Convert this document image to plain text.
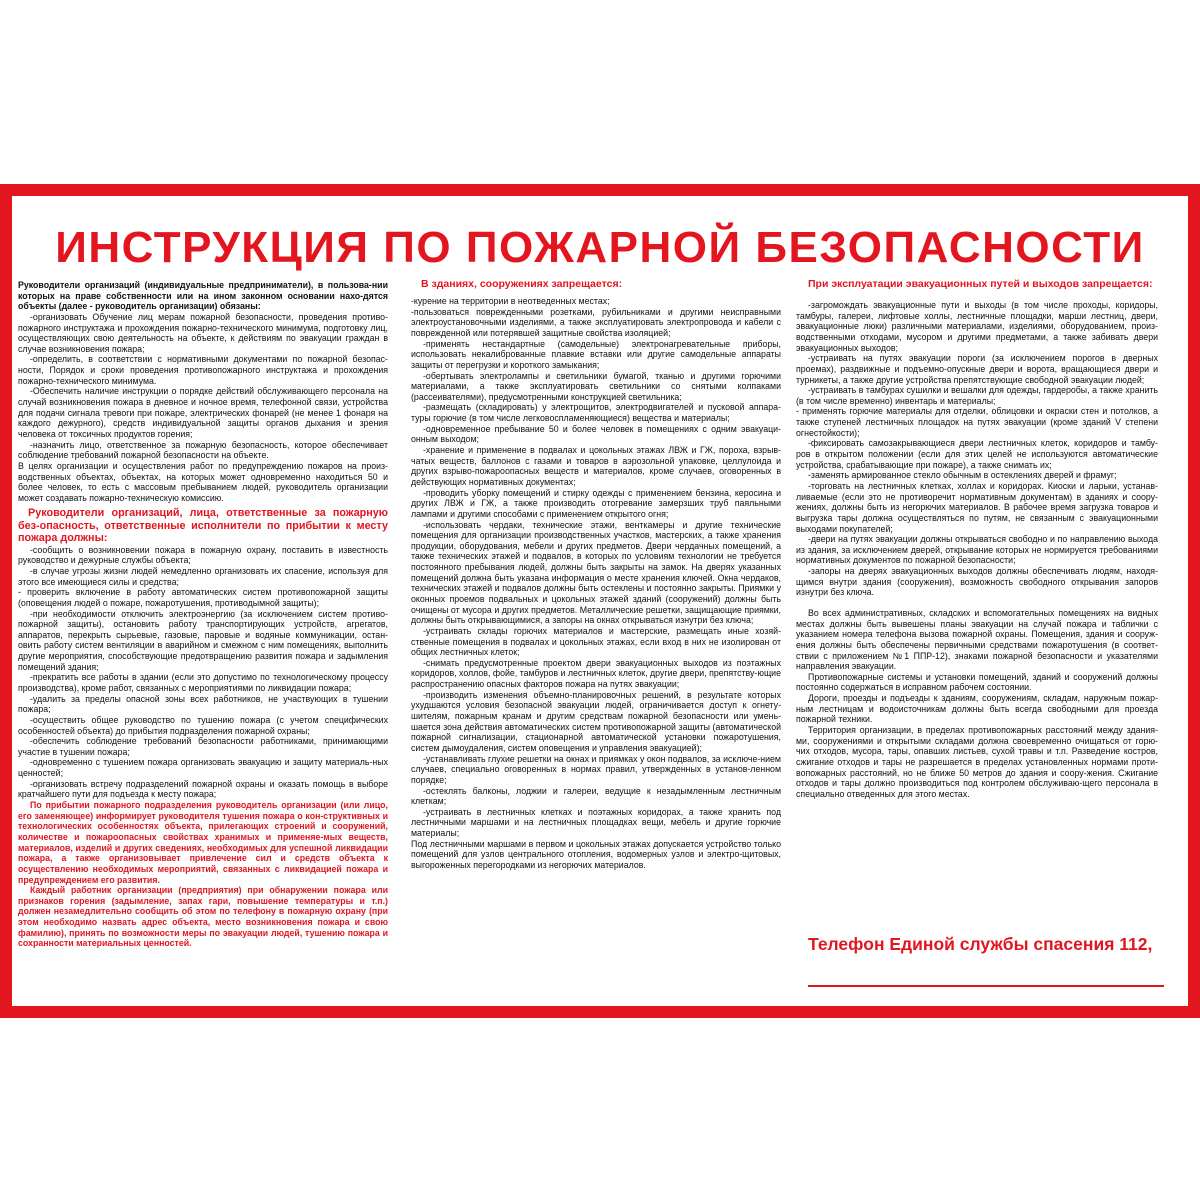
ИНСТРУКЦИЯ ПО ПОЖАРНОЙ БЕЗОПАСНОСТИ

Руководители организаций (индивидуальные предприниматели), в пользова-нии которых на праве собственности или на ином законном основании нахо-дятся объекты (далее - руководитель организации) обязаны:

-организовать Обучение лиц мерам пожарной безопасности, проведения противо-пожарного инструктажа и прохождения пожарно-технического минимума, подготовку лиц, осуществляющих свою деятельность на объекте, к действиям по эвакуации граждан в случае возникновения пожара;

-определить, в соответствии с нормативными документами по пожарной безопас-ности, Порядок и сроки проведения противопожарного инструктажа и прохождения пожарно-технического минимума.

-Обеспечить наличие инструкции о порядке действий обслуживающего персонала на случай возникновения пожара в дневное и ночное время, телефонной связи, устройства для подачи сигнала тревоги при пожаре, электрических фонарей (не менее 1 фонаря на каждого дежурного), средств индивидуальной защиты органов дыхания и зрения человека от токсичных продуктов горения;

-назначить лицо, ответственное за пожарную безопасность, которое обеспечивает соблюдение требований пожарной безопасности на объекте.

В целях организации и осуществления работ по предупреждению пожаров на произ-водственных объектах, объектах, на которых может одновременно находиться 50 и более человек, то есть с массовым пребыванием людей, руководитель организации может создавать пожарно-техническую комиссию.

Руководители организаций, лица, ответственные за пожарную без-опасность, ответственные исполнители по прибытии к месту пожара должны:

-сообщить о возникновении пожара в пожарную охрану, поставить в известность руководство и дежурные службы объекта;

-в случае угрозы жизни людей немедленно организовать их спасение, используя для этого все имеющиеся силы и средства;

- проверить включение в работу автоматических систем противопожарной защиты (оповещения людей о пожаре, пожаротушения, противодымной защиты);

-при необходимости отключить электроэнергию (за исключением систем противо-пожарной защиты), остановить работу транспортирующих устройств, агрегатов, аппаратов, перекрыть сырьевые, газовые, паровые и водяные коммуникации, остан-овить работу систем вентиляции в аварийном и смежном с ним помещениях, выполнить другие мероприятия, способствующие предотвращению развития пожара и задымления помещений здания;

-прекратить все работы в здании (если это допустимо по технологическому процессу производства), кроме работ, связанных с мероприятиями по ликвидации пожара;

-удалить за пределы опасной зоны всех работников, не участвующих в тушении пожара;

-осуществить общее руководство по тушению пожара (с учетом специфических особенностей объекта) до прибытия подразделения пожарной охраны;

-обеспечить соблюдение требований безопасности работниками, принимающими участие в тушении пожара;

-одновременно с тушением пожара организовать эвакуацию и защиту материаль-ных ценностей;

-организовать встречу подразделений пожарной охраны и оказать помощь в выборе кратчайшего пути для подъезда к месту пожара;

По прибытии пожарного подразделения руководитель организации (или лицо, его заменяющее) информирует руководителя тушения пожара о кон-структивных и технологических особенностях объекта, прилегающих строений и сооружений, количестве и пожароопасных свойствах хранимых и применяе-мых веществ, материалов, изделий и других сведениях, необходимых для успешной ликвидации пожара, а также организовывает привлечение сил и средств объекта к осуществлению необходимых мероприятий, связанных с ликвидацией пожара и предупреждением его развития.

Каждый работник организации (предприятия) при обнаружении пожара или признаков горения (задымление, запах гари, повышение температуры и т.п.) должен незамедлительно сообщить об этом по телефону в пожарную охрану (при этом необходимо назвать адрес объекта, место возникновения пожара и свою фамилию), принять по возможности меры по эвакуации людей, тушению пожара и сохранности материальных ценностей.

В зданиях, сооружениях запрещается:

-курение на территории в неотведенных местах;

-пользоваться поврежденными розетками, рубильниками и другими неисправными электроустановочными изделиями, а также эксплуатировать электропровода и кабели с поврежденной или потерявшей защитные свойства изоляцией;

-применять нестандартные (самодельные) электронагревательные приборы, использовать некалиброванные плавкие вставки или другие самодельные аппараты защиты от перегрузки и короткого замыкания;

-обертывать электролампы и светильники бумагой, тканью и другими горючими материалами, а также эксплуатировать светильники со снятыми колпаками (рассеивателями), предусмотренными конструкцией светильника;

-размещать (складировать) у электрощитов, электродвигателей и пусковой аппара-туры горючие (в том числе легковоспламеняющиеся) вещества и материалы;

-одновременное пребывание 50 и более человек в помещениях с одним эвакуаци-онным выходом;

-хранение и применение в подвалах и цокольных этажах ЛВЖ и ГЖ, пороха, взрыв-чатых веществ, баллонов с газами и товаров в аэрозольной упаковке, целлулоида и других взрыво-пожароопасных веществ и материалов, кроме случаев, оговоренных в действующих нормативных документах;

-проводить уборку помещений и стирку одежды с применением бензина, керосина и других ЛВЖ и ГЖ, а также производить отогревание замерзших труб паяльными лампами и другими способами с применением открытого огня;

-использовать чердаки, технические этажи, венткамеры и другие технические помещения для организации производственных участков, мастерских, а также хранения продукции, оборудования, мебели и других предметов. Двери чердачных помещений, а также технических этажей и подвалов, в которых по условиям технологии не требуется постоянного пребывания людей, должны быть закрыты на замок. На дверях указанных помещений должна быть указана информация о месте хранения ключей. Окна чердаков, технических этажей и подвалов должны быть остеклены и постоянно закрыты. Приямки у оконных проемов подвальных и цокольных этажей зданий (сооружений) должны быть очищены от мусора и других предметов. Металлические решетки, защищающие приямки, должны быть открывающимися, а запоры на окнах открываться изнутри без ключа;

-устраивать склады горючих материалов и мастерские, размещать иные хозяй-ственные помещения в подвалах и цокольных этажах, если вход в них не изолирован от общих лестничных клеток;

-снимать предусмотренные проектом двери эвакуационных выходов из поэтажных коридоров, холлов, фойе, тамбуров и лестничных клеток, другие двери, препятству-ющие распространению опасных факторов пожара на путях эвакуации;

-производить изменения объемно-планировочных решений, в результате которых ухудшаются условия безопасной эвакуации людей, ограничивается доступ к огнету-шителям, пожарным кранам и другим средствам пожарной безопасности или умень-шается зона действия автоматических систем противопожарной защиты (автоматической пожарной сигнализации, стационарной автоматической установки пожаротушения, систем дымоудаления, систем оповещения и управления эвакуацией);

-устанавливать глухие решетки на окнах и приямках у окон подвалов, за исключе-нием случаев, специально оговоренных в нормах правил, утвержденных в установ-ленном порядке;

-остеклять балконы, лоджии и галереи, ведущие к незадымленным лестничным клеткам;

-устраивать в лестничных клетках и поэтажных коридорах, а также хранить под лестничными маршами и на лестничных площадках вещи, мебель и другие горючие материалы;

Под лестничными маршами в первом и цокольных этажах допускается устройство только помещений для узлов центрального отопления, водомерных узлов и электро-щитовых, выгороженных перегородками из негорючих материалов.

При эксплуатации эвакуационных путей и выходов запрещается:

-загромождать эвакуационные пути и выходы (в том числе проходы, коридоры, тамбуры, галереи, лифтовые холлы, лестничные площадки, марши лестниц, двери, эвакуационные люки) различными материалами, изделиями, оборудованием, произ-водственными отходами, мусором и другими предметами, а также забивать двери эвакуационных выходов;

-устраивать на путях эвакуации пороги (за исключением порогов в дверных проемах), раздвижные и подъемно-опускные двери и ворота, вращающиеся двери и турникеты, а также другие устройства препятствующие свободной эвакуации людей;

-устраивать в тамбурах сушилки и вешалки для одежды, гардеробы, а также хранить (в том числе временно) инвентарь и материалы;

- применять горючие материалы для отделки, облицовки и окраски стен и потолков, а также ступеней лестничных площадок на путях эвакуации (кроме зданий V степени огнестойкости);

-фиксировать самозакрывающиеся двери лестничных клеток, коридоров и тамбу-ров в открытом положении (если для этих целей не используются автоматические устройства, срабатывающие при пожаре), а также снимать их;

-заменять армированное стекло обычным в остеклениях дверей и фрамуг;

-торговать на лестничных клетках, холлах и коридорах. Киоски и ларьки, устанав-ливаемые (если это не противоречит нормативным документам) в зданиях и соору-жениях, должны быть из негорючих материалов. В рабочее время загрузка товаров и выгрузка тары должна осуществляться по путям, не связанным с эвакуационными выходами покупателей;

-двери на путях эвакуации должны открываться свободно и по направлению выхода из здания, за исключением дверей, открывание которых не нормируется требованиями нормативных документов по пожарной безопасности;

-запоры на дверях эвакуационных выходов должны обеспечивать людям, находя-щимся внутри здания (сооружения), возможность свободного открывания запоров изнутри без ключа.

Во всех административных, складских и вспомогательных помещениях на видных местах должны быть вывешены планы эвакуации на случай пожара и таблички с указанием номера телефона вызова пожарной охраны. Помещения, здания и сооруж-ения должны быть обеспечены первичными средствами пожаротушения (в соответ-ствии с приложением №1 ППР-12), знаками пожарной безопасности и указателями направления эвакуации.

Противопожарные системы и установки помещений, зданий и сооружений должны постоянно содержаться в исправном рабочем состоянии.

Дороги, проезды и подъезды к зданиям, сооружениям, складам, наружным пожар-ным лестницам и водоисточникам должны быть всегда свободными для проезда пожарной техники.

Территория организации, в пределах противопожарных расстояний между здания-ми, сооружениями и открытыми складами должна своевременно очищаться от горю-чих отходов, мусора, тары, опавших листьев, сухой травы и т.п. Разведение костров, сжигание отходов и тары не разрешается в пределах установленных нормами проти-вопожарных расстояний, но не ближе 50 метров до здания и соору-жения. Сжигание отходов и тары должно производиться под контролем обслуживаю-щего персонала в специально отведенных для этого местах.

Телефон Единой службы спасения 112,
